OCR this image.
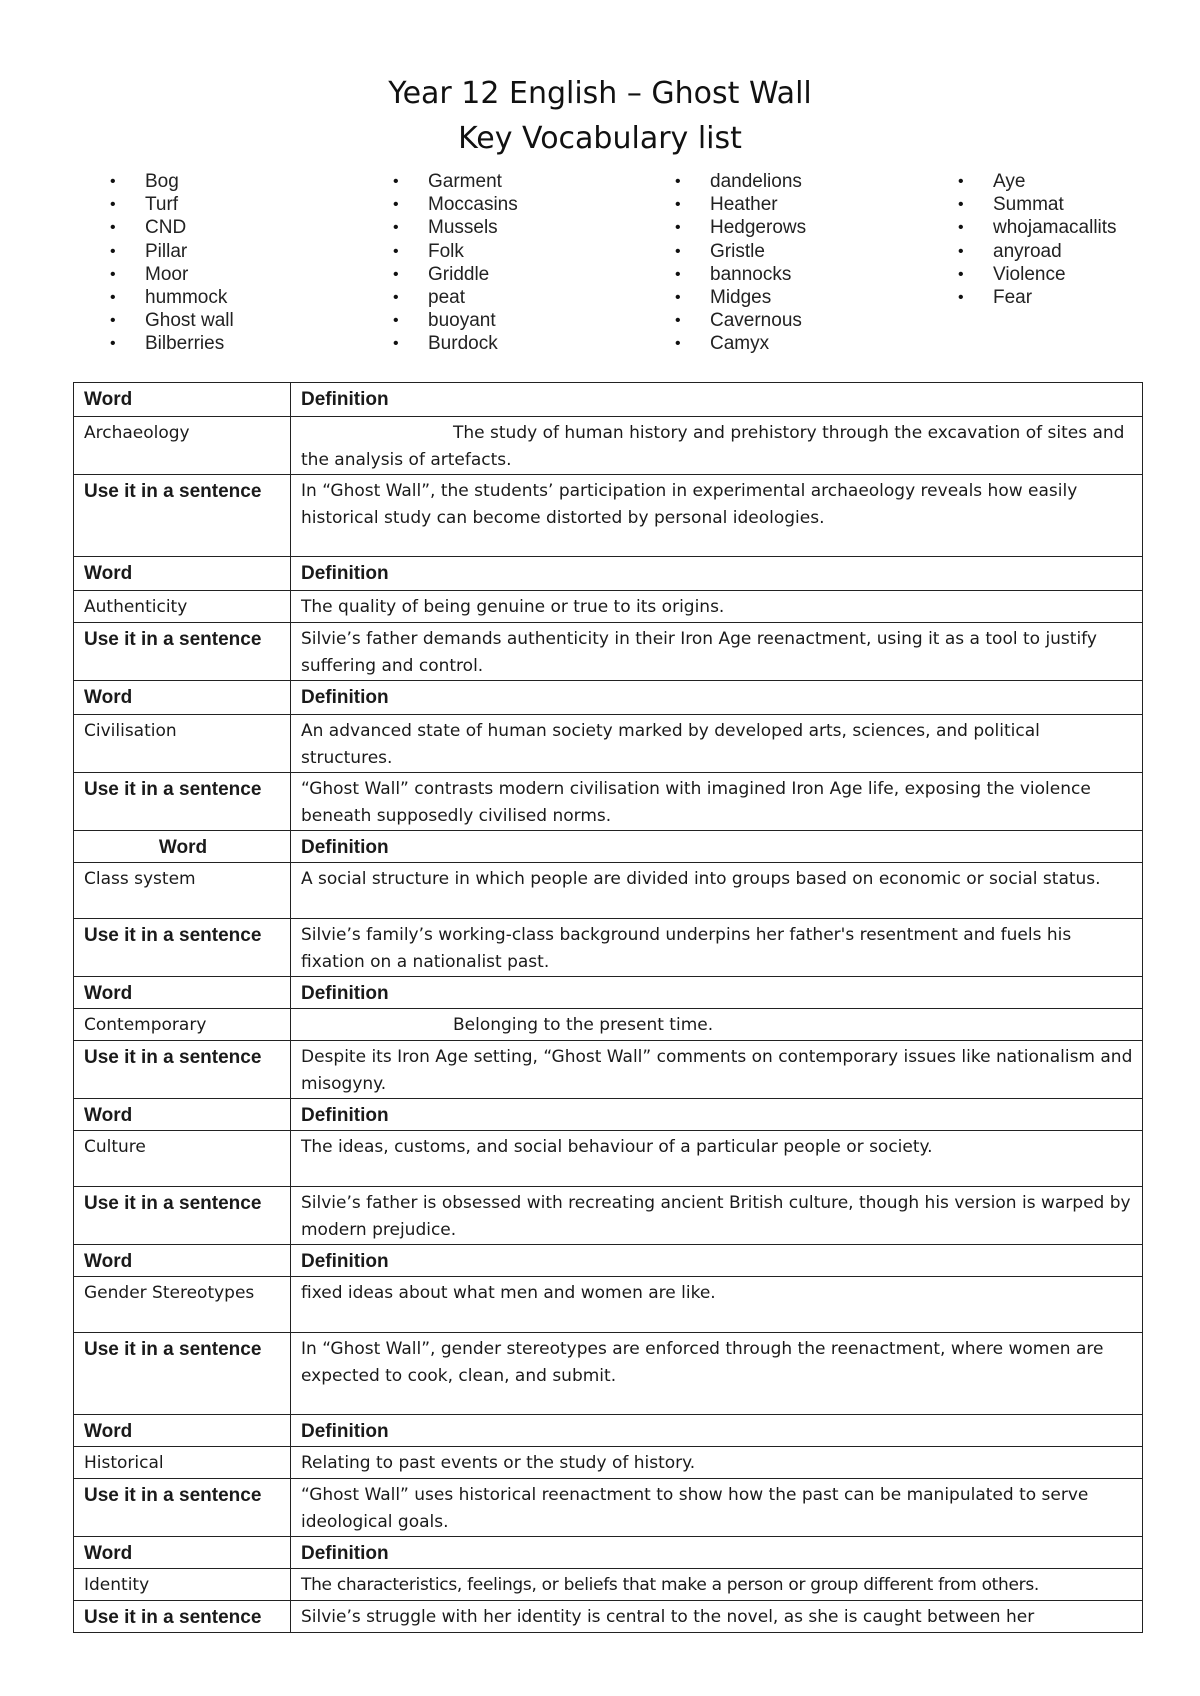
Year 12 English – Ghost Wall
Key Vocabulary list
• Bog
• Turf
• CND
• Pillar
• Moor
• hummock
• Ghost wall
• Bilberries
• Garment
• Moccasins
• Mussels
• Folk
• Griddle
• peat
• buoyant
• Burdock
• dandelions
• Heather
• Hedgerows
• Gristle
• bannocks
• Midges
• Cavernous
• Camyx
• Aye
• Summat
• whojamacallits
• anyroad
• Violence
• Fear
Word	Definition
Archaeology	The study of human history and prehistory through the excavation of sites and the analysis of artefacts.
Use it in a sentence	In “Ghost Wall”, the students’ participation in experimental archaeology reveals how easily historical study can become distorted by personal ideologies.
Word	Definition
Authenticity	The quality of being genuine or true to its origins.
Use it in a sentence	Silvie’s father demands authenticity in their Iron Age reenactment, using it as a tool to justify suffering and control.
Word	Definition
Civilisation	An advanced state of human society marked by developed arts, sciences, and political structures.
Use it in a sentence	“Ghost Wall” contrasts modern civilisation with imagined Iron Age life, exposing the violence beneath supposedly civilised norms.
Word	Definition
Class system	A social structure in which people are divided into groups based on economic or social status.
Use it in a sentence	Silvie’s family’s working-class background underpins her father's resentment and fuels his fixation on a nationalist past.
Word	Definition
Contemporary	Belonging to the present time.
Use it in a sentence	Despite its Iron Age setting, “Ghost Wall” comments on contemporary issues like nationalism and misogyny.
Word	Definition
Culture	The ideas, customs, and social behaviour of a particular people or society.
Use it in a sentence	Silvie’s father is obsessed with recreating ancient British culture, though his version is warped by modern prejudice.
Word	Definition
Gender Stereotypes	fixed ideas about what men and women are like.
Use it in a sentence	In “Ghost Wall”, gender stereotypes are enforced through the reenactment, where women are expected to cook, clean, and submit.
Word	Definition
Historical	Relating to past events or the study of history.
Use it in a sentence	“Ghost Wall” uses historical reenactment to show how the past can be manipulated to serve ideological goals.
Word	Definition
Identity	The characteristics, feelings, or beliefs that make a person or group different from others.
Use it in a sentence	Silvie’s struggle with her identity is central to the novel, as she is caught between her
